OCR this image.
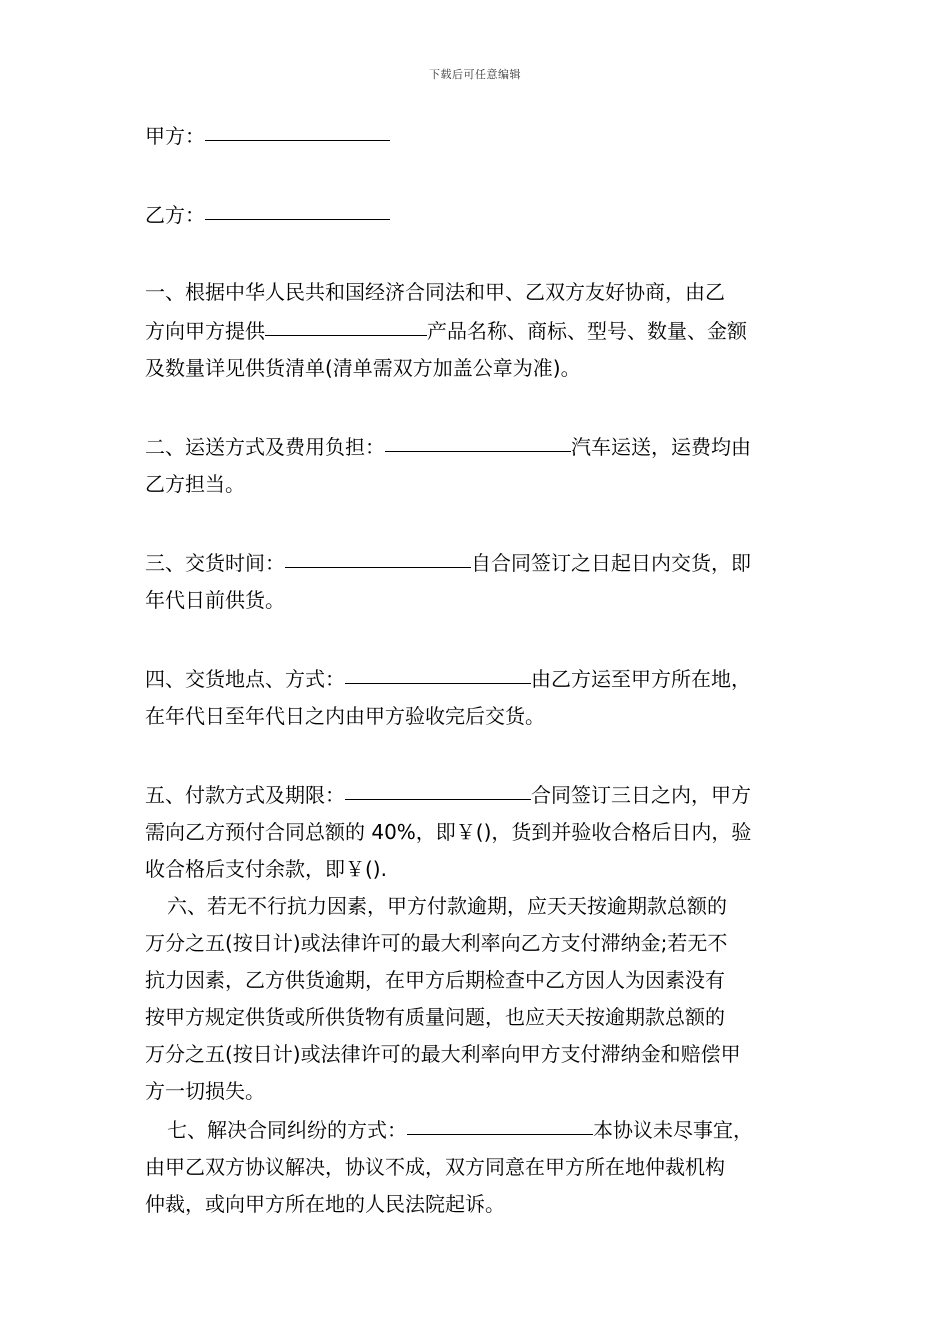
下载后可任意编辑
甲方：
乙方：
一、根据中华人民共和国经济合同法和甲、乙双方友好协商，由乙
方向甲方提供	产品名称、商标、型号、数量、金额
及数量详见供货清单(清单需双方加盖公章为准)。
二、运送方式及费用负担：	汽车运送，运费均由
乙方担当。
三、交货时间：	自合同签订之日起日内交货，即
年代日前供货。
四、交货地点、方式：	由乙方运至甲方所在地，
在年代日至年代日之内由甲方验收完后交货。
五、付款方式及期限：	合同签订三日之内，甲方
需向乙方预付合同总额的 40%，即￥()，货到并验收合格后日内，验
收合格后支付余款，即￥().
六、若无不行抗力因素，甲方付款逾期，应天天按逾期款总额的
万分之五(按日计)或法律许可的最大利率向乙方支付滞纳金;若无不
抗力因素，乙方供货逾期，在甲方后期检查中乙方因人为因素没有
按甲方规定供货或所供货物有质量问题，也应天天按逾期款总额的
万分之五(按日计)或法律许可的最大利率向甲方支付滞纳金和赔偿甲
方一切损失。
七、解决合同纠纷的方式：	本协议未尽事宜，
由甲乙双方协议解决，协议不成，双方同意在甲方所在地仲裁机构
仲裁，或向甲方所在地的人民法院起诉。
